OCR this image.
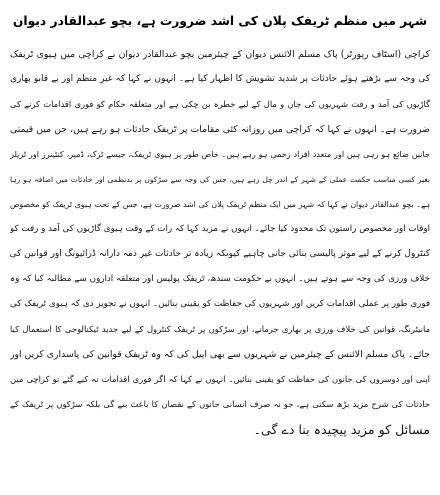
شہر میں منظم ٹریفک پلان کی اشد ضرورت ہے، بچو عبدالقادر دیوان
کراچی (اسٹاف رپورٹر) پاک مسلم الائنس دیوان کے چیئرمین بچو عبدالقادر دیوان نے کراچی میں ہیوی ٹریفک
کی وجہ سے بڑھتے ہوئے حادثات پر شدید تشویش کا اظہار کیا ہے۔ انہوں نے کہا کہ غیر منظم اور بے قابو بھاری
گاڑیوں کی آمد و رفت شہریوں کی جان و مال کے لیے خطرہ بن چکی ہے اور متعلقہ حکام کو فوری اقدامات کرنے کی
ضرورت ہے۔ انہوں نے کہا کہ کراچی میں روزانہ کئی مقامات پر ٹریفک حادثات ہو رہے ہیں، جن میں قیمتی
جانیں ضائع ہو رہی ہیں اور متعدد افراد زخمی ہو رہے ہیں۔ خاص طور پر ہیوی ٹریفک، جیسے ٹرک، ڈمپر، کنٹینرز اور ٹریلر
بغیر کسی مناسب حکمت عملی کے شہر کے اندر چل رہے ہیں، جس کی وجہ سے سڑکوں پر بدنظمی اور حادثات میں اضافہ ہو رہا
ہے۔ بچو عبدالقادر دیوان نے کہا کہ شہر میں ایک منظم ٹریفک پلان کی اشد ضرورت ہے، جس کے تحت ہیوی ٹریفک کو مخصوص
اوقات اور مخصوص راستوں تک محدود کیا جائے۔ انہوں نے مزید کہا کہ رات کے وقت ہیوی گاڑیوں کی آمد و رفت کو
کنٹرول کرنے کے لیے موثر پالیسی بنائی جانی چاہیے کیونکہ زیادہ تر حادثات غیر ذمہ دارانہ ڈرائیونگ اور قوانین کی
خلاف ورزی کی وجہ سے ہوتے ہیں۔ انہوں نے حکومت سندھ، ٹریفک پولیس اور متعلقہ اداروں سے مطالبہ کیا کہ وہ
فوری طور پر عملی اقدامات کریں اور شہریوں کی حفاظت کو یقینی بنائیں۔ انہوں نے تجویز دی کہ ہیوی ٹریفک کی
مانیٹرنگ، قوانین کی خلاف ورزی پر بھاری جرمانے، اور سڑکوں پر ٹریفک کنٹرول کے لیے جدید ٹیکنالوجی کا استعمال کیا
جائے۔ پاک مسلم الائنس کے چیئرمین نے شہریوں سے بھی اپیل کی کہ وہ ٹریفک قوانین کی پاسداری کریں اور
اپنی اور دوسروں کی جانوں کی حفاظت کو یقینی بنائیں۔ انہوں نے کہا کہ اگر فوری اقدامات نہ کیے گئے تو کراچی میں
حادثات کی شرح مزید بڑھ سکتی ہے، جو نہ صرف انسانی جانوں کے نقصان کا باعث بنے گی بلکہ سڑکوں پر ٹریفک کے
مسائل کو مزید پیچیدہ بنا دے گی۔
